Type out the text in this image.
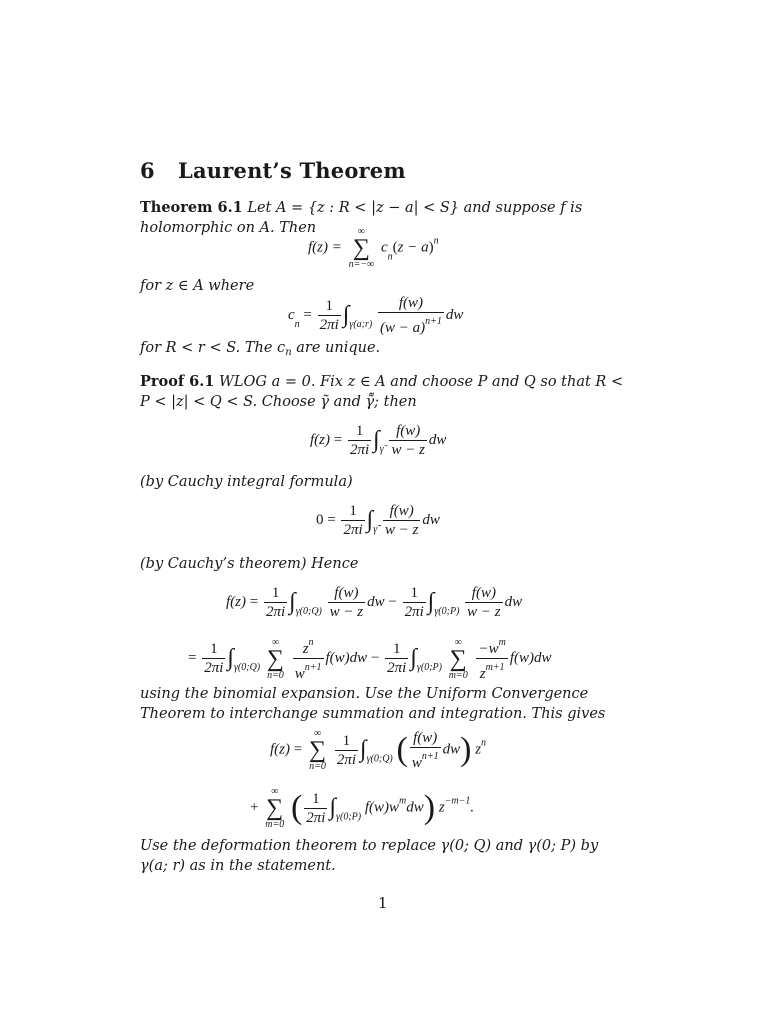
6 Laurent’s Theorem
Theorem 6.1 Let A = {z : R < |z − a| < S} and suppose f is holomorphic on A. Then
f(z) =
∞
∑
n=−∞
$c_n(z - a)^n$
for z ∈ A where
$c_n = \frac{1}{2\pi i} \int_{\gamma(a;r)} \frac{f(w)}{(w - a)^{n+1}}$ dw
for R < r < S. The $c_n$ are unique.
Proof 6.1 WLOG a = 0. Fix z ∈ A and choose P and Q so that R < P < |z| < Q < S. Choose γ̃ and γ̃̃; then
$f(z) = \frac{1}{2\pi i} \int_{\gammã} \frac{f(w)}{w - z}$ dw
(by Cauchy integral formula)
$0 = \frac{1}{2\pi i} \int_{\gammã̃} \frac{f(w)}{w - z}$ dw
(by Cauchy’s theorem) Hence
$f(z) = \frac{1}{2\pi i} \int_{\gamma(0;Q)} \frac{f(w)}{w - z}$ dw − $\frac{1}{2\pi i} \int_{\gamma(0;P)} \frac{f(w)}{w - z}$ dw
= $\frac{1}{2\pi i} \int_{\gamma(0;Q)}$
∞
∑
n=0
$\frac{z^n}{w^{n+1}} f(w)dw - \frac{1}{2\pi i} \int_{\gamma(0;P)}$
∞
∑
m=0
$\frac{-w^m}{z^{m+1}} f(w)dw$
using the binomial expansion. Use the Uniform Convergence Theorem to interchange summation and integration. This gives
f(z) =
∞
∑
n=0
$\frac{1}{2\pi i} \int_{\gamma(0;Q)}$ ( $\frac{f(w)}{w^{n+1}} dw$) $z^n$
+
∞
∑
m=0 ( $\frac{1}{2\pi i} \int_{\gamma(0;P)}$ $f(w)w^mdw$) $z^{-m-1}$.
Use the deformation theorem to replace γ(0; Q) and γ(0; P) by γ(a; r) as in the statement.
1
